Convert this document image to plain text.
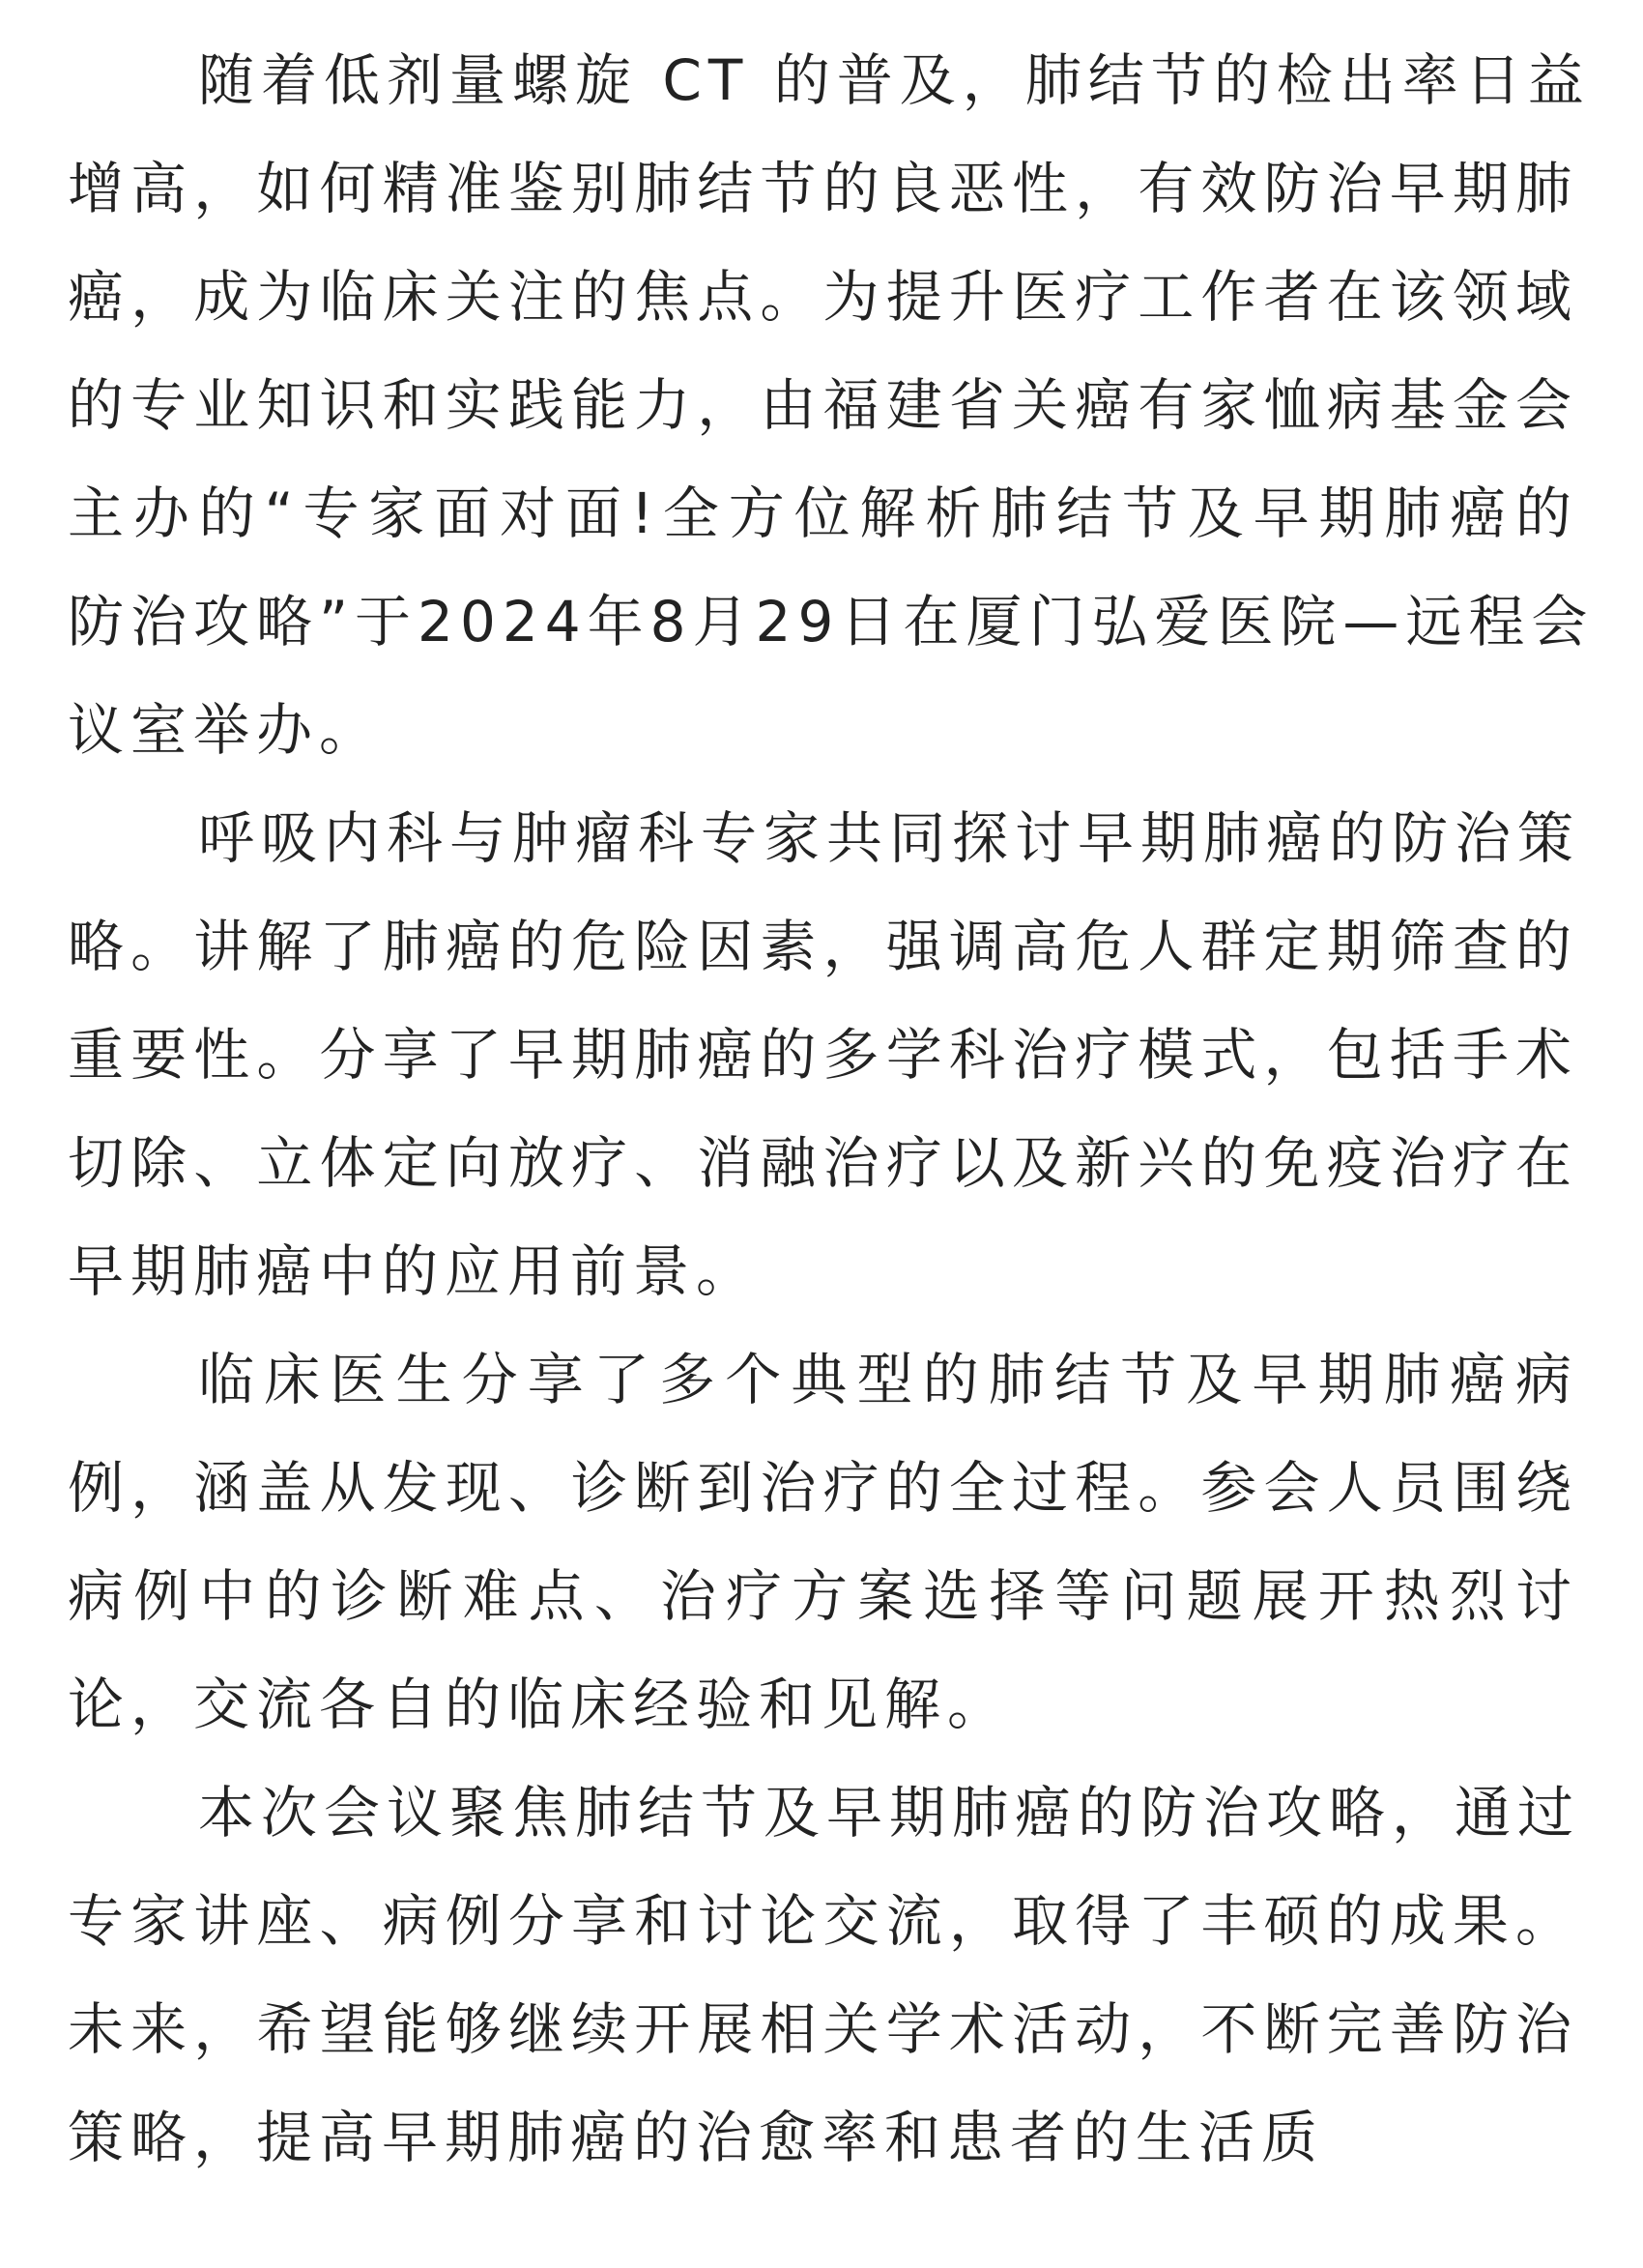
随着低剂量螺旋 CT 的普及，肺结节的检出率日益
增高，如何精准鉴别肺结节的良恶性，有效防治早期肺
癌，成为临床关注的焦点。为提升医疗工作者在该领域
的专业知识和实践能力，由福建省关癌有家恤病基金会
主办的“专家面对面!全方位解析肺结节及早期肺癌的
防治攻略”于2024年8月29日在厦门弘爱医院—远程会
议室举办。
呼吸内科与肿瘤科专家共同探讨早期肺癌的防治策
略。讲解了肺癌的危险因素，强调高危人群定期筛查的
重要性。分享了早期肺癌的多学科治疗模式，包括手术
切除、立体定向放疗、消融治疗以及新兴的免疫治疗在
早期肺癌中的应用前景。
临床医生分享了多个典型的肺结节及早期肺癌病
例，涵盖从发现、诊断到治疗的全过程。参会人员围绕
病例中的诊断难点、治疗方案选择等问题展开热烈讨
论，交流各自的临床经验和见解。
本次会议聚焦肺结节及早期肺癌的防治攻略，通过
专家讲座、病例分享和讨论交流，取得了丰硕的成果。
未来，希望能够继续开展相关学术活动，不断完善防治
策略，提高早期肺癌的治愈率和患者的生活质
